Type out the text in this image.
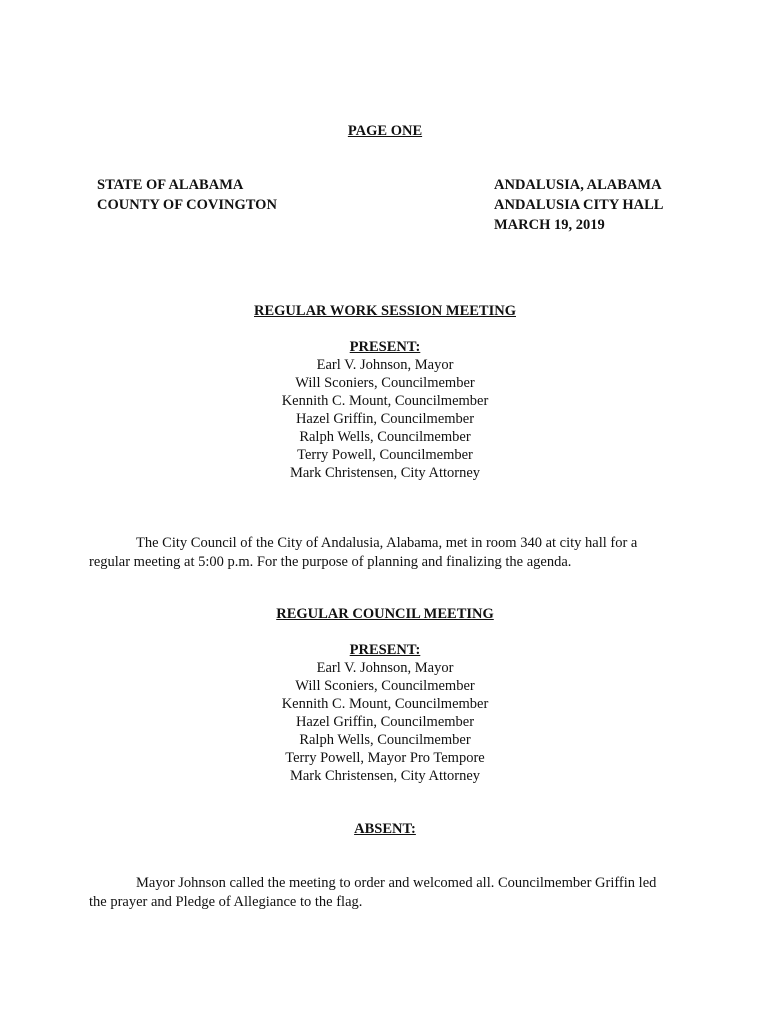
PAGE ONE
STATE OF ALABAMA
COUNTY OF COVINGTON
ANDALUSIA, ALABAMA
ANDALUSIA CITY HALL
MARCH 19, 2019
REGULAR WORK SESSION MEETING
PRESENT:
Earl V. Johnson, Mayor
Will Sconiers, Councilmember
Kennith C. Mount, Councilmember
Hazel Griffin, Councilmember
Ralph Wells, Councilmember
Terry Powell, Councilmember
Mark Christensen, City Attorney

The City Council of the City of Andalusia, Alabama, met in room 340 at city hall for a

regular meeting at 5:00 p.m. For the purpose of planning and finalizing the agenda.

REGULAR COUNCIL MEETING
PRESENT:
Earl V. Johnson, Mayor
Will Sconiers, Councilmember
Kennith C. Mount, Councilmember
Hazel Griffin, Councilmember
Ralph Wells, Councilmember
Terry Powell, Mayor Pro Tempore
Mark Christensen, City Attorney
ABSENT:

Mayor Johnson called the meeting to order and welcomed all. Councilmember Griffin led

the prayer and Pledge of Allegiance to the flag.
